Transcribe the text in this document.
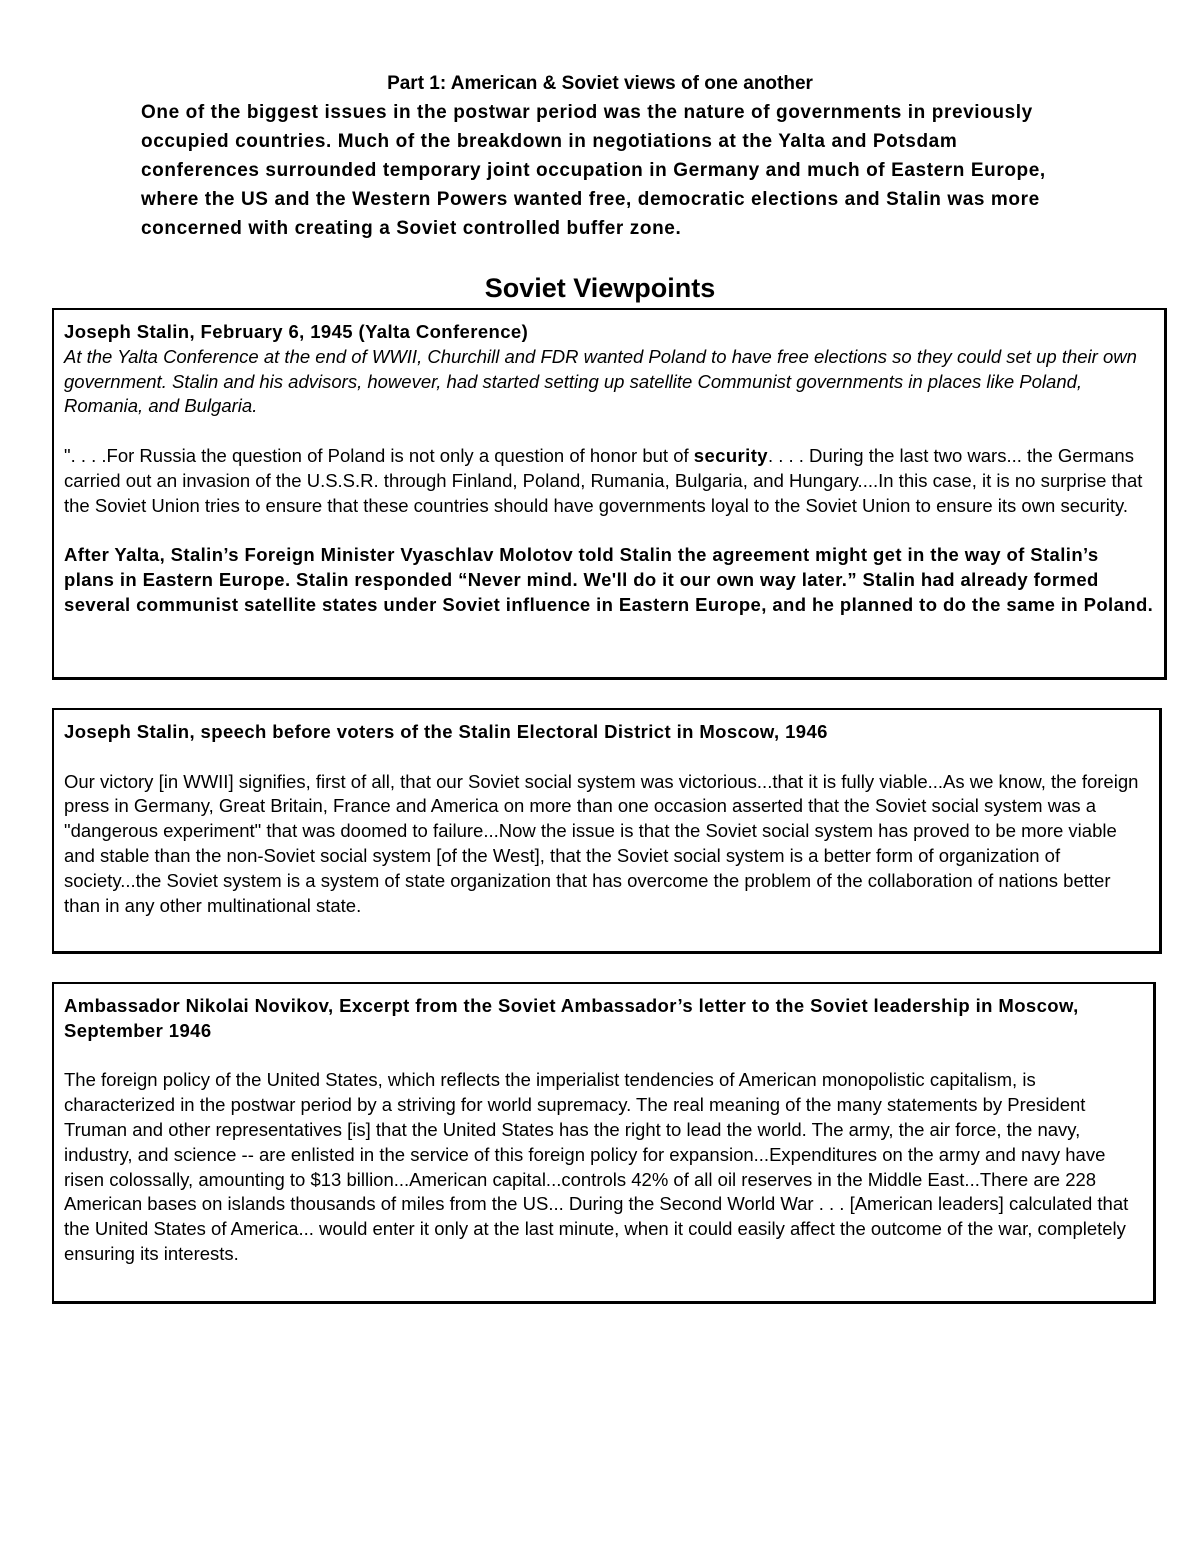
Part 1: American & Soviet views of one another
One of the biggest issues in the postwar period was the nature of governments in previously occupied countries. Much of the breakdown in negotiations at the Yalta and Potsdam conferences surrounded temporary joint occupation in Germany and much of Eastern Europe, where the US and the Western Powers wanted free, democratic elections and Stalin was more concerned with creating a Soviet controlled buffer zone.
Soviet Viewpoints

Joseph Stalin, February 6, 1945 (Yalta Conference)

At the Yalta Conference at the end of WWII, Churchill and FDR wanted Poland to have free elections so they could set up their own government. Stalin and his advisors, however, had started setting up satellite Communist governments in places like Poland, Romania, and Bulgaria.

". . . .For Russia the question of Poland is not only a question of honor but of security. . . . During the last two wars... the Germans carried out an invasion of the U.S.S.R. through Finland, Poland, Rumania, Bulgaria, and Hungary....In this case, it is no surprise that the Soviet Union tries to ensure that these countries should have governments loyal to the Soviet Union to ensure its own security.

After Yalta, Stalin’s Foreign Minister Vyaschlav Molotov told Stalin the agreement might get in the way of Stalin’s plans in Eastern Europe. Stalin responded “Never mind. We'll do it our own way later.” Stalin had already formed several communist satellite states under Soviet influence in Eastern Europe, and he planned to do the same in Poland.

Joseph Stalin, speech before voters of the Stalin Electoral District in Moscow, 1946

Our victory [in WWII] signifies, first of all, that our Soviet social system was victorious...that it is fully viable...As we know, the foreign press in Germany, Great Britain, France and America on more than one occasion asserted that the Soviet social system was a "dangerous experiment" that was doomed to failure...Now the issue is that the Soviet social system has proved to be more viable and stable than the non-Soviet social system [of the West], that the Soviet social system is a better form of organization of society...the Soviet system is a system of state organization that has overcome the problem of the collaboration of nations better than in any other multinational state.

Ambassador Nikolai Novikov, Excerpt from the Soviet Ambassador’s letter to the Soviet leadership in Moscow, September 1946

The foreign policy of the United States, which reflects the imperialist tendencies of American monopolistic capitalism, is characterized in the postwar period by a striving for world supremacy. The real meaning of the many statements by President Truman and other representatives [is] that the United States has the right to lead the world. The army, the air force, the navy, industry, and science -- are enlisted in the service of this foreign policy for expansion...Expenditures on the army and navy have risen colossally, amounting to $13 billion...American capital...controls 42% of all oil reserves in the Middle East...There are 228 American bases on islands thousands of miles from the US... During the Second World War . . . [American leaders] calculated that the United States of America... would enter it only at the last minute, when it could easily affect the outcome of the war, completely ensuring its interests.
